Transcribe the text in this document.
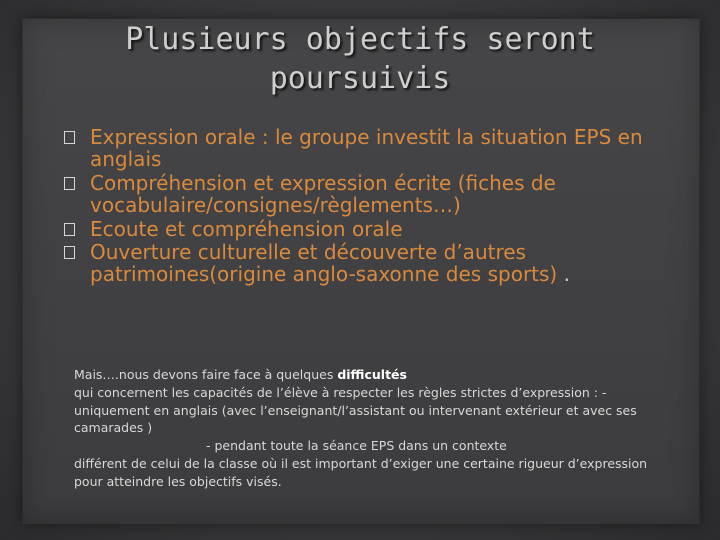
Plusieurs objectifs seront
poursuivis
Expression orale : le groupe investit la situation EPS en anglais
Compréhension et expression écrite (fiches de vocabulaire/consignes/règlements…)
Ecoute et compréhension orale
Ouverture culturelle et découverte d’autres patrimoines(origine anglo-saxonne des sports) .

Mais….nous devons faire face à quelques difficultés

qui concernent les capacités de l’élève à respecter les règles strictes d’expression : -uniquement en anglais (avec l’enseignant/l’assistant ou intervenant extérieur et avec ses camarades )

- pendant toute la séance EPS dans un contexte

différent de celui de la classe où il est important d’exiger une certaine rigueur d’expression pour atteindre les objectifs visés.
